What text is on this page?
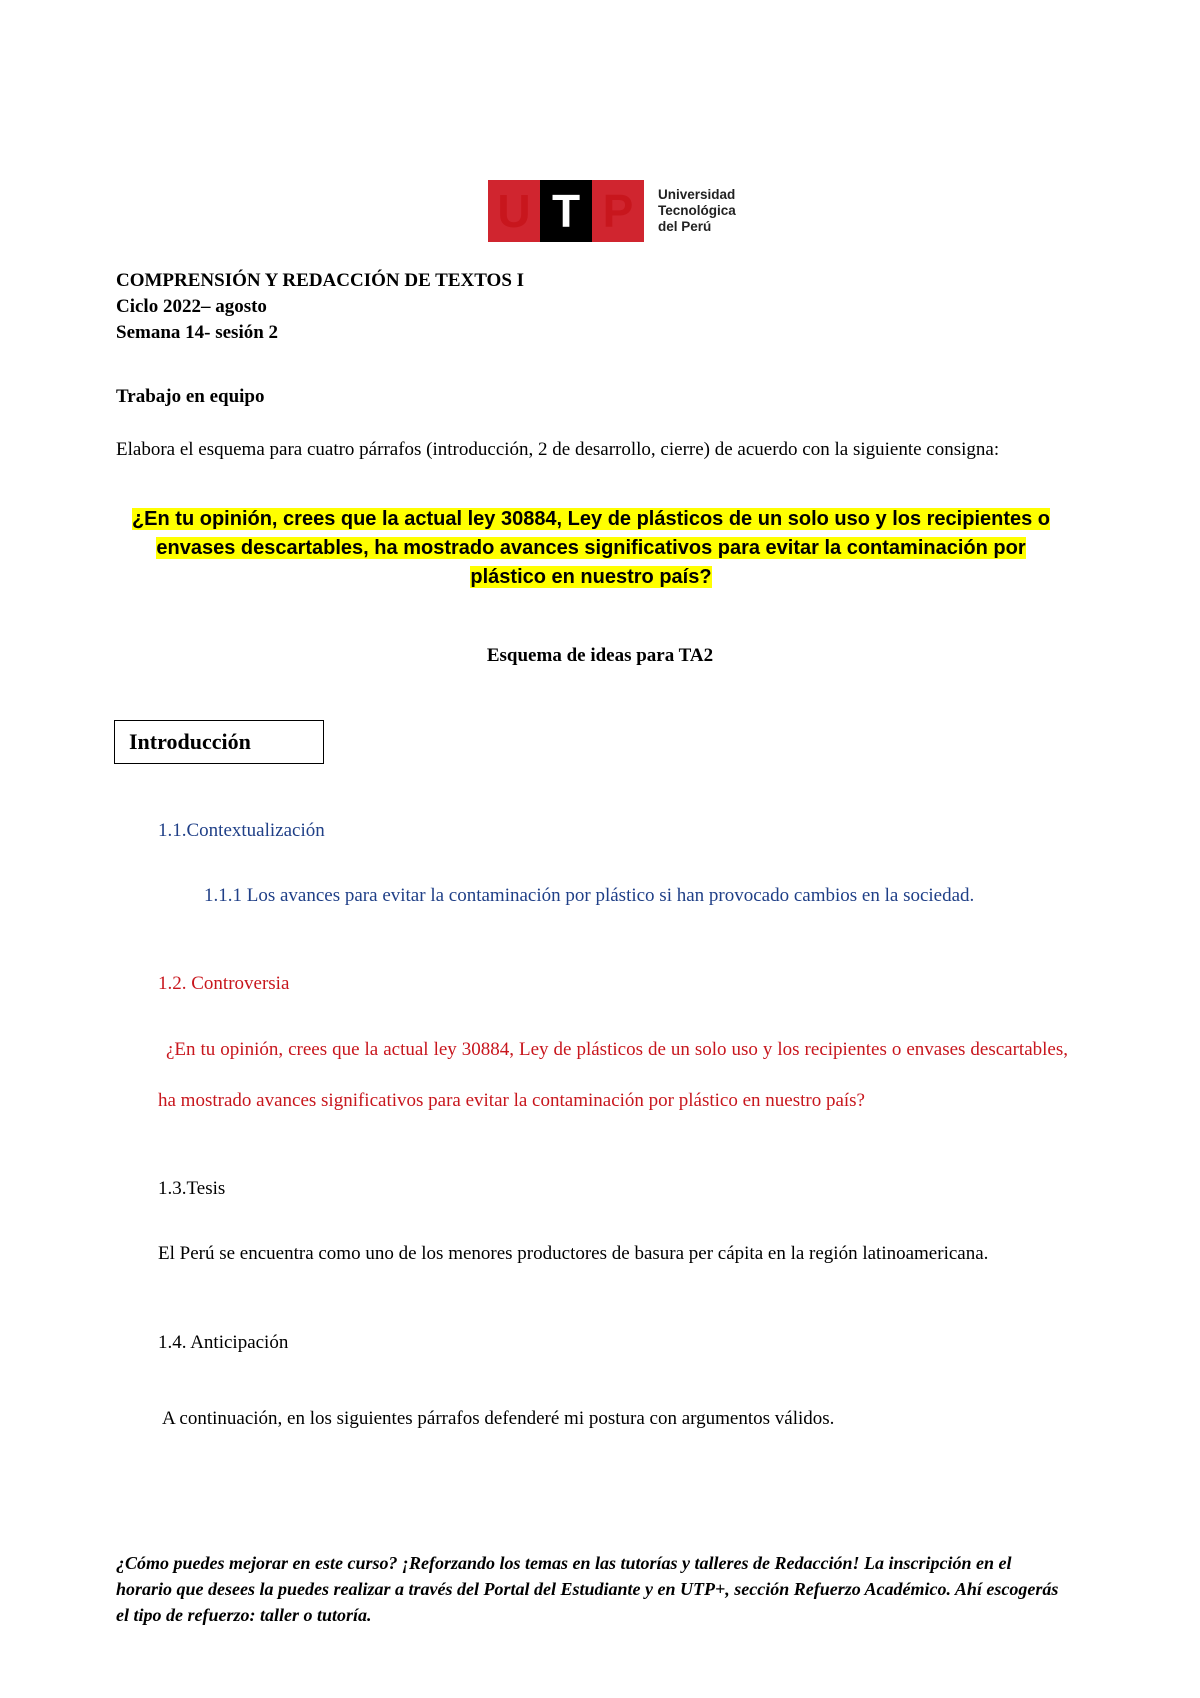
U T P	Universidad
Tecnológica
del Perú
COMPRENSIÓN Y REDACCIÓN DE TEXTOS I
Ciclo 2022– agosto
Semana 14- sesión 2
Trabajo en equipo
Elabora el esquema para cuatro párrafos (introducción, 2 de desarrollo, cierre) de acuerdo con la siguiente consigna:
¿En tu opinión, crees que la actual ley 30884, Ley de plásticos de un solo uso y los recipientes o envases descartables, ha mostrado avances significativos para evitar la contaminación por plástico en nuestro país?
Esquema de ideas para TA2
Introducción
1.1.Contextualización
1.1.1 Los avances para evitar la contaminación por plástico si han provocado cambios en la sociedad.
1.2. Controversia
¿En tu opinión, crees que la actual ley 30884, Ley de plásticos de un solo uso y los recipientes o envases descartables, ha mostrado avances significativos para evitar la contaminación por plástico en nuestro país?
1.3.Tesis
El Perú se encuentra como uno de los menores productores de basura per cápita en la región latinoamericana.
1.4. Anticipación
A continuación, en los siguientes párrafos defenderé mi postura con argumentos válidos.
¿Cómo puedes mejorar en este curso? ¡Reforzando los temas en las tutorías y talleres de Redacción! La inscripción en el horario que desees la puedes realizar a través del Portal del Estudiante y en UTP+, sección Refuerzo Académico. Ahí escogerás el tipo de refuerzo: taller o tutoría.
